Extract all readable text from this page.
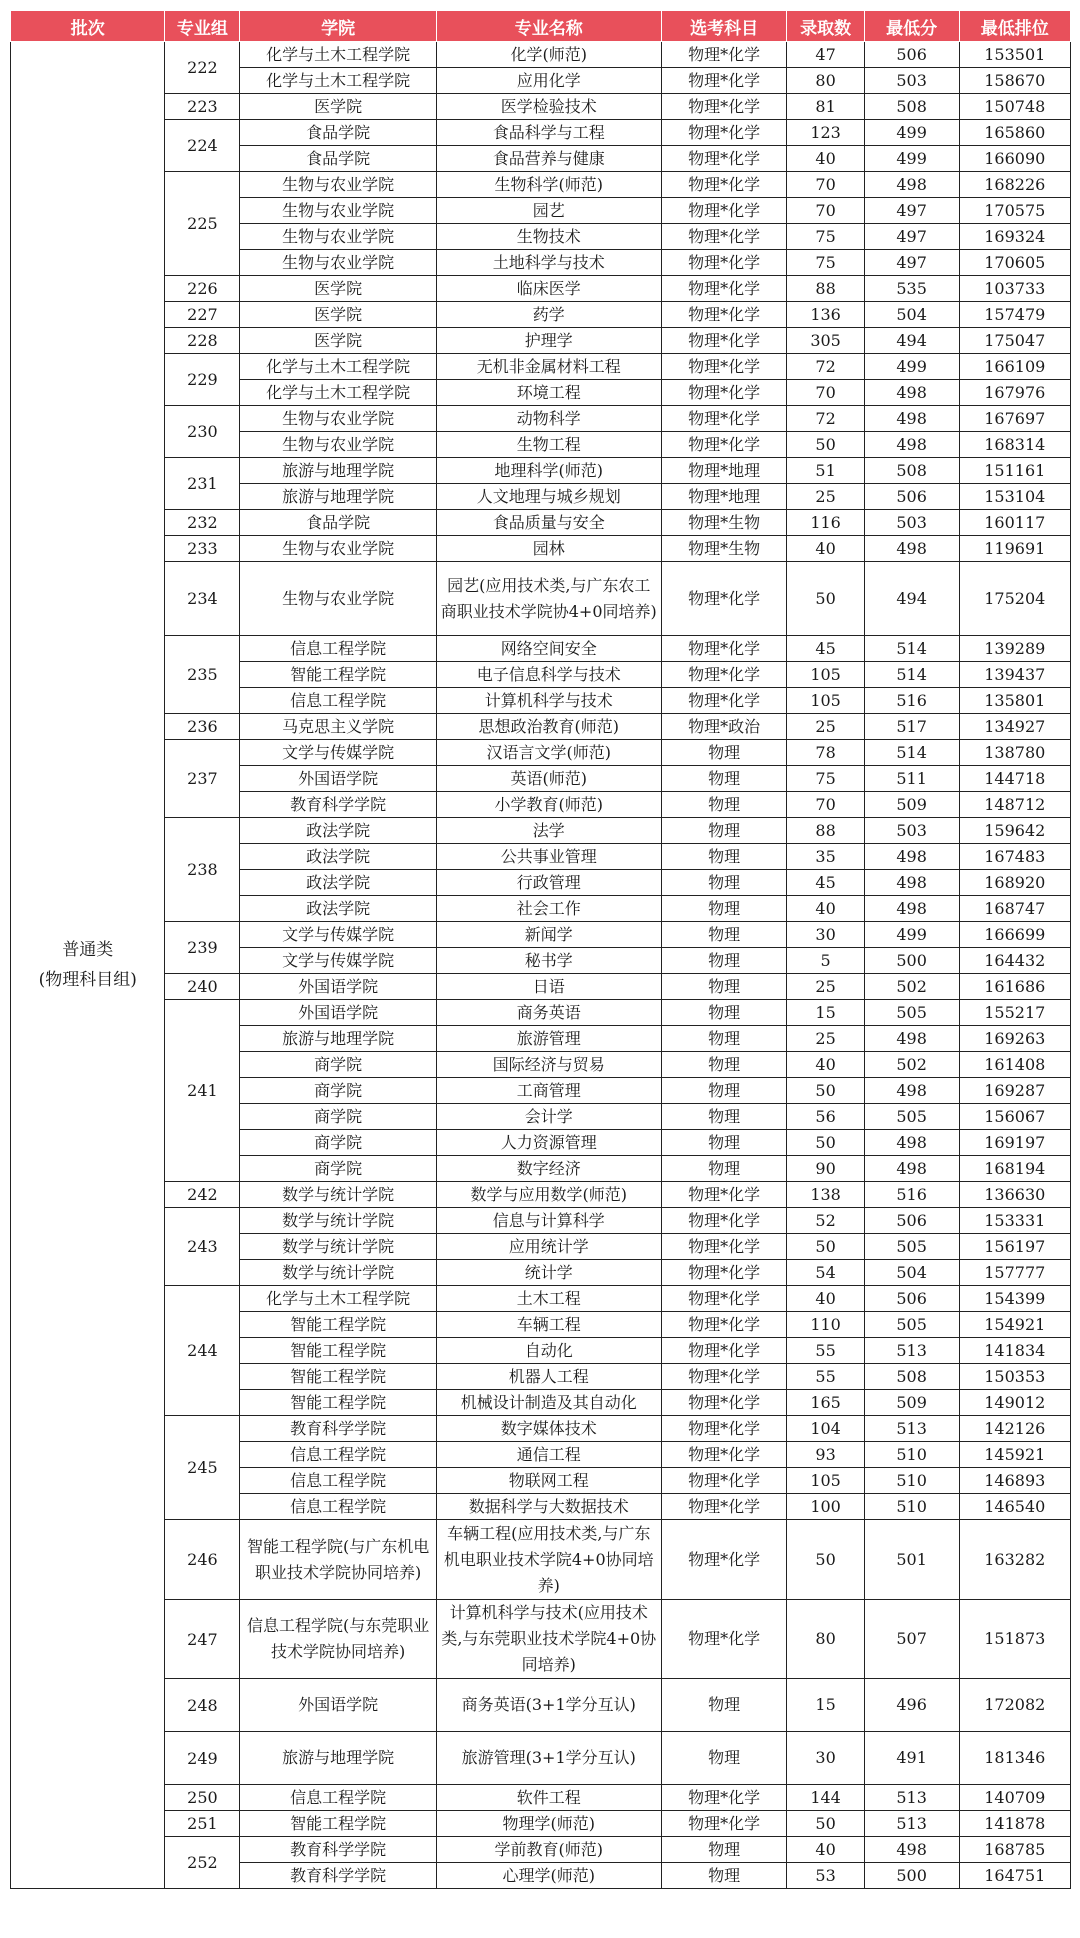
批次	专业组	学院	专业名称	选考科目	录取数	最低分	最低排位

普通类
(物理科目组)	222	化学与土木工程学院	化学(师范)	物理*化学	47	506	153501
		化学与土木工程学院	应用化学	物理*化学	80	503	158670
	223	医学院	医学检验技术	物理*化学	81	508	150748
	224	食品学院	食品科学与工程	物理*化学	123	499	165860
		食品学院	食品营养与健康	物理*化学	40	499	166090
	225	生物与农业学院	生物科学(师范)	物理*化学	70	498	168226
		生物与农业学院	园艺	物理*化学	70	497	170575
		生物与农业学院	生物技术	物理*化学	75	497	169324
		生物与农业学院	土地科学与技术	物理*化学	75	497	170605
	226	医学院	临床医学	物理*化学	88	535	103733
	227	医学院	药学	物理*化学	136	504	157479
	228	医学院	护理学	物理*化学	305	494	175047
	229	化学与土木工程学院	无机非金属材料工程	物理*化学	72	499	166109
		化学与土木工程学院	环境工程	物理*化学	70	498	167976
	230	生物与农业学院	动物科学	物理*化学	72	498	167697
		生物与农业学院	生物工程	物理*化学	50	498	168314
	231	旅游与地理学院	地理科学(师范)	物理*地理	51	508	151161
		旅游与地理学院	人文地理与城乡规划	物理*地理	25	506	153104
	232	食品学院	食品质量与安全	物理*生物	116	503	160117
	233	生物与农业学院	园林	物理*生物	40	498	119691
	234	生物与农业学院	园艺(应用技术类,与广东农工商职业技术学院协4+0同培养)	物理*化学	50	494	175204
	235	信息工程学院	网络空间安全	物理*化学	45	514	139289
		智能工程学院	电子信息科学与技术	物理*化学	105	514	139437
		信息工程学院	计算机科学与技术	物理*化学	105	516	135801
	236	马克思主义学院	思想政治教育(师范)	物理*政治	25	517	134927
	237	文学与传媒学院	汉语言文学(师范)	物理	78	514	138780
		外国语学院	英语(师范)	物理	75	511	144718
		教育科学学院	小学教育(师范)	物理	70	509	148712
	238	政法学院	法学	物理	88	503	159642
		政法学院	公共事业管理	物理	35	498	167483
		政法学院	行政管理	物理	45	498	168920
		政法学院	社会工作	物理	40	498	168747
	239	文学与传媒学院	新闻学	物理	30	499	166699
		文学与传媒学院	秘书学	物理	5	500	164432
	240	外国语学院	日语	物理	25	502	161686
	241	外国语学院	商务英语	物理	15	505	155217
		旅游与地理学院	旅游管理	物理	25	498	169263
		商学院	国际经济与贸易	物理	40	502	161408
		商学院	工商管理	物理	50	498	169287
		商学院	会计学	物理	56	505	156067
		商学院	人力资源管理	物理	50	498	169197
		商学院	数字经济	物理	90	498	168194
	242	数学与统计学院	数学与应用数学(师范)	物理*化学	138	516	136630
	243	数学与统计学院	信息与计算科学	物理*化学	52	506	153331
		数学与统计学院	应用统计学	物理*化学	50	505	156197
		数学与统计学院	统计学	物理*化学	54	504	157777
	244	化学与土木工程学院	土木工程	物理*化学	40	506	154399
		智能工程学院	车辆工程	物理*化学	110	505	154921
		智能工程学院	自动化	物理*化学	55	513	141834
		智能工程学院	机器人工程	物理*化学	55	508	150353
		智能工程学院	机械设计制造及其自动化	物理*化学	165	509	149012
	245	教育科学学院	数字媒体技术	物理*化学	104	513	142126
		信息工程学院	通信工程	物理*化学	93	510	145921
		信息工程学院	物联网工程	物理*化学	105	510	146893
		信息工程学院	数据科学与大数据技术	物理*化学	100	510	146540
	246	智能工程学院(与广东机电职业技术学院协同培养)	车辆工程(应用技术类,与广东机电职业技术学院4+0协同培养)	物理*化学	50	501	163282
	247	信息工程学院(与东莞职业技术学院协同培养)	计算机科学与技术(应用技术类,与东莞职业技术学院4+0协同培养)	物理*化学	80	507	151873
	248	外国语学院	商务英语(3+1学分互认)	物理	15	496	172082
	249	旅游与地理学院	旅游管理(3+1学分互认)	物理	30	491	181346
	250	信息工程学院	软件工程	物理*化学	144	513	140709
	251	智能工程学院	物理学(师范)	物理*化学	50	513	141878
	252	教育科学学院	学前教育(师范)	物理	40	498	168785
		教育科学学院	心理学(师范)	物理	53	500	164751
